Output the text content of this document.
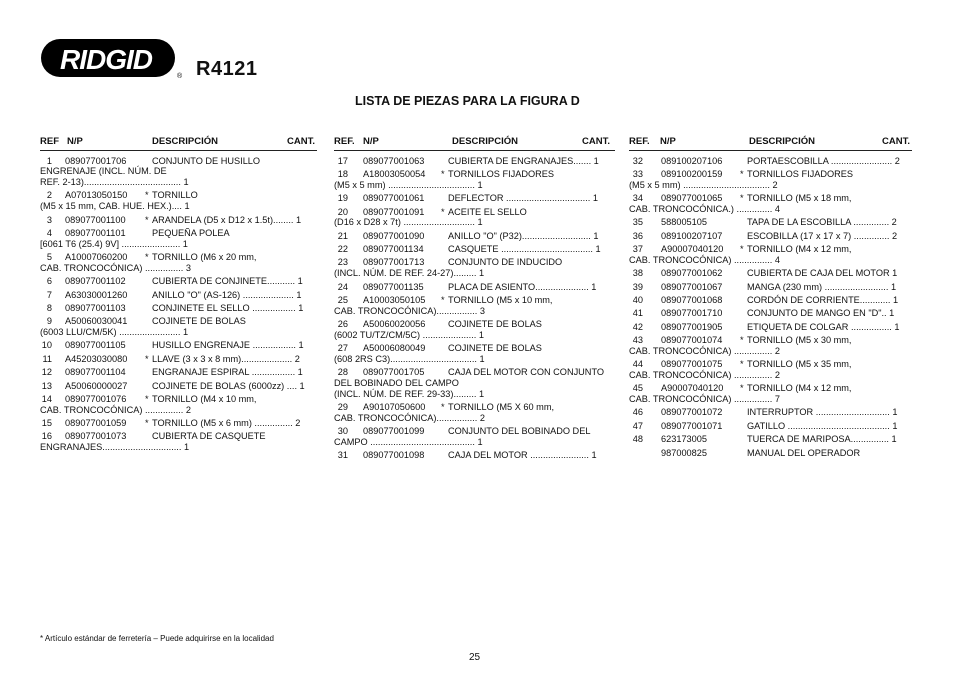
RIDGID
® R4121
LISTA DE PIEZAS PARA LA FIGURA D
REF N/P	DESCRIPCIÓN	CANT.
1 089077001706	CONJUNTO DE HUSILLO
ENGRENAJE (INCL. NÚM. DE
REF. 2-13)...................................... 1
2 A07013050150 * TORNILLO
(M5 x 15 mm, CAB. HUE. HEX.).... 1
3 089077001100 * ARANDELA (D5 x D12 x 1.5t)........ 1
4 089077001101	PEQUEÑA POLEA
[6061 T6 (25.4) 9V] ....................... 1
5 A10007060200 * TORNILLO (M6 x 20 mm,
CAB. TRONCOCÓNICA) ............... 3
6 089077001102	CUBIERTA DE CONJINETE........... 1
7 A63030001260	ANILLO "O" (AS-126) .................... 1
8 089077001103	CONJINETE EL SELLO ................. 1
9 A50060030041	COJINETE DE BOLAS
(6003 LLU/CM/5K) ........................ 1
10 089077001105	HUSILLO ENGRENAJE ................. 1
11 A45203030080 * LLAVE (3 x 3 x 8 mm).................... 2
12 089077001104	ENGRANAJE ESPIRAL ................. 1
13 A50060000027	COJINETE DE BOLAS (6000zz) .... 1
14 089077001076 * TORNILLO (M4 x 10 mm,
CAB. TRONCOCÓNICA) ............... 2
15 089077001059 * TORNILLO (M5 x 6 mm) ............... 2
16 089077001073	CUBIERTA DE CASQUETE
ENGRANAJES............................... 1
REF. N/P	DESCRIPCIÓN	CANT.
17 089077001063	CUBIERTA DE ENGRANAJES....... 1
18 A18003050054 * TORNILLOS FIJADORES
(M5 x 5 mm) .................................. 1
19 089077001061	DEFLECTOR ................................. 1
20 089077001091 * ACEITE EL SELLO
(D16 x D28 x 7t) ............................ 1
21 089077001090	ANILLO "O" (P32)........................... 1
22 089077001134	CASQUETE .................................... 1
23 089077001713	CONJUNTO DE INDUCIDO
(INCL. NÚM. DE REF. 24-27)......... 1
24 089077001135	PLACA DE ASIENTO..................... 1
25 A10003050105 * TORNILLO (M5 x 10 mm,
CAB. TRONCOCÓNICA)................ 3
26 A50060020056 COJINETE DE BOLAS
(6002 TU/TZ/CM/5C) ..................... 1
27 A50006080049 COJINETE DE BOLAS
(608 2RS C3).................................. 1
28 089077001705	CAJA DEL MOTOR CON CONJUNTO
DEL BOBINADO DEL CAMPO
(INCL. NÚM. DE REF. 29-33)......... 1
29 A90107050600 * TORNILLO (M5 X 60 mm,
CAB. TRONCOCÓNICA)................ 2
30 089077001099	CONJUNTO DEL BOBINADO DEL
CAMPO ......................................... 1
31 089077001098	CAJA DEL MOTOR ....................... 1
REF. N/P	DESCRIPCIÓN	CANT.
32 089100207106	PORTAESCOBILLA ........................ 2
33 089100200159 * TORNILLOS FIJADORES
(M5 x 5 mm) .................................. 2
34 089077001065 * TORNILLO (M5 x 18 mm,
CAB. TRONCOCÓNICA.) .............. 4
35 588005105	TAPA DE LA ESCOBILLA .............. 2
36 089100207107	ESCOBILLA (17 x 17 x 7) .............. 2
37 A90007040120 * TORNILLO (M4 x 12 mm,
CAB. TRONCOCÓNICA) ............... 4
38 089077001062	CUBIERTA DE CAJA DEL MOTOR 1
39 089077001067	MANGA (230 mm) ......................... 1
40 089077001068	CORDÓN DE CORRIENTE............ 1
41 089077001710	CONJUNTO DE MANGO EN "D".. 1
42 089077001905	ETIQUETA DE COLGAR ................ 1
43 089077001074 * TORNILLO (M5 x 30 mm,
CAB. TRONCOCÓNICA) ............... 2
44 089077001075 * TORNILLO (M5 x 35 mm,
CAB. TRONCOCÓNICA) ............... 2
45 A90007040120 * TORNILLO (M4 x 12 mm,
CAB. TRONCOCÓNICA) ............... 7
46 089077001072	INTERRUPTOR ............................. 1
47 089077001071	GATILLO ........................................ 1
48 623173005	TUERCA DE MARIPOSA............... 1
987000825	MANUAL DEL OPERADOR
* Artículo estándar de ferretería – Puede adquirirse en la localidad
25
